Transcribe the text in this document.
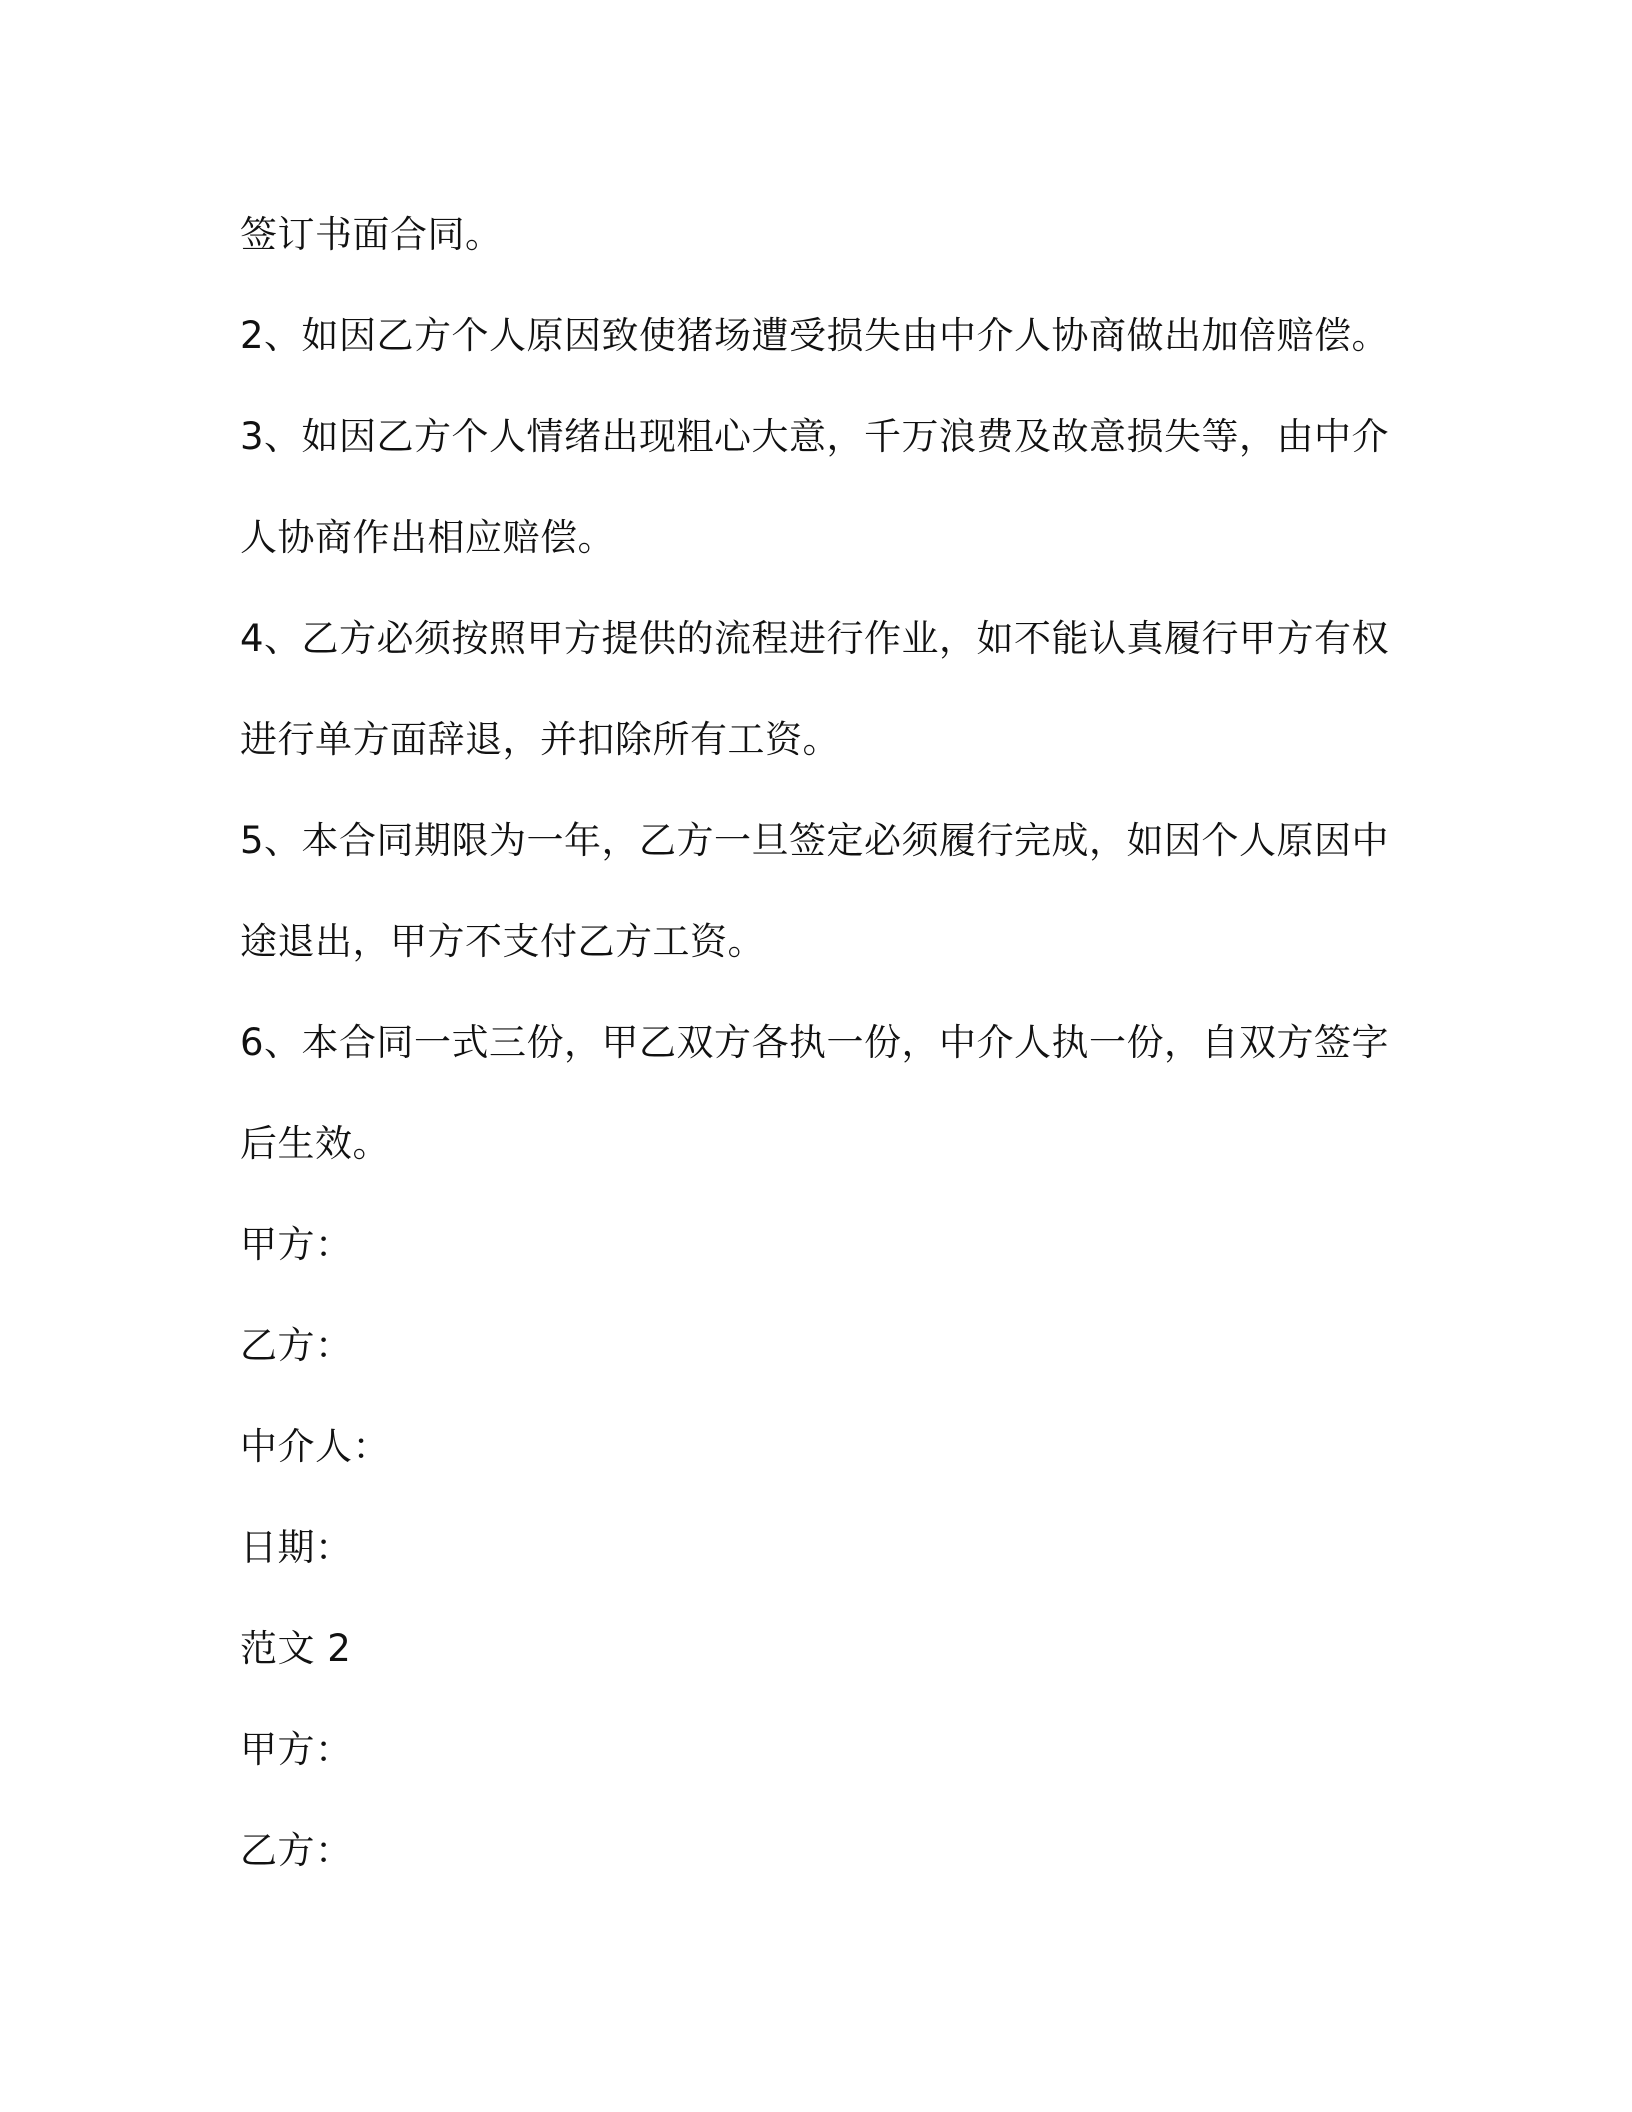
签订书面合同。
2、如因乙方个人原因致使猪场遭受损失由中介人协商做出加倍赔偿。
3、如因乙方个人情绪出现粗心大意，千万浪费及故意损失等，由中介
人协商作出相应赔偿。
4、乙方必须按照甲方提供的流程进行作业，如不能认真履行甲方有权
进行单方面辞退，并扣除所有工资。
5、本合同期限为一年，乙方一旦签定必须履行完成，如因个人原因中
途退出，甲方不支付乙方工资。
6、本合同一式三份，甲乙双方各执一份，中介人执一份，自双方签字
后生效。
甲方：
乙方：
中介人：
日期：
范文 2
甲方：
乙方：
